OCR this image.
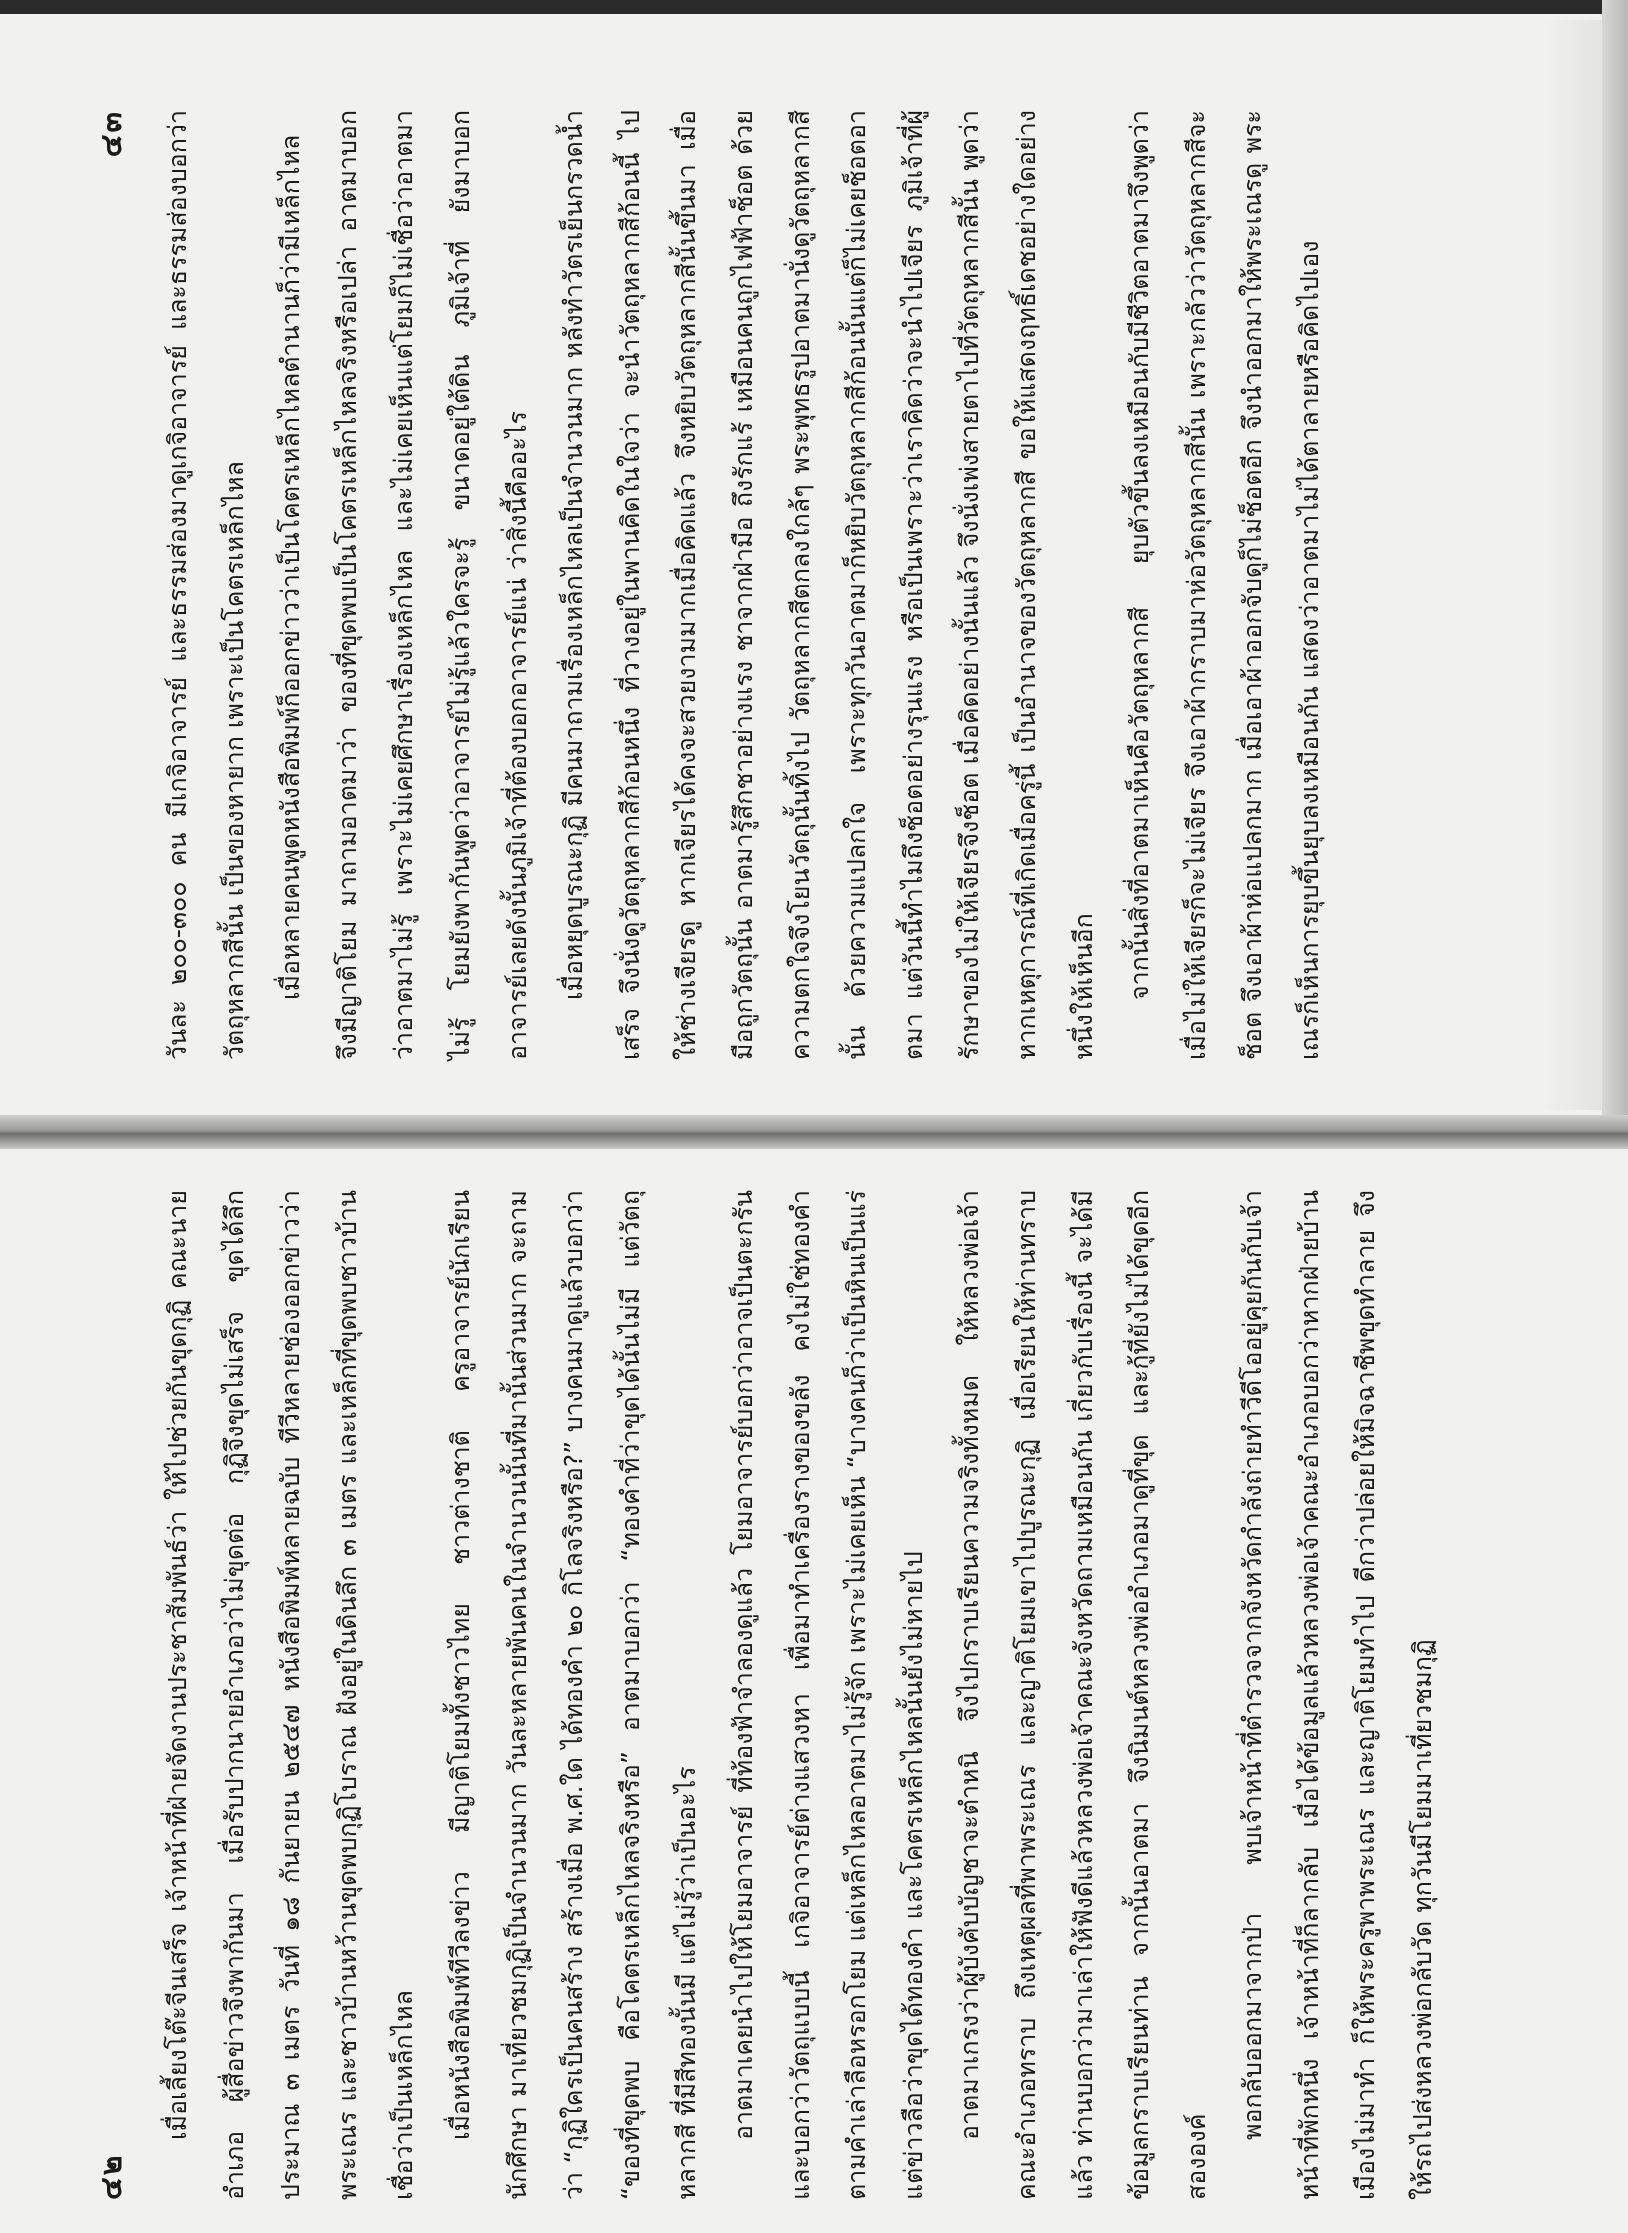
๔๓	วันละ ๒๐๐-๓๐๐ คน มีเกจิอาจารย์ และธรรมส่องมาดูเกจิอาจารย์ และธรรมส่องบอกว่าวัตถุหลากสีนั้น เป็นของหายาก เพราะเป็นโคตรเหล็กไหล	เมื่อหลายคนพูดหนังสือพิมพ์ก็ออกข่าวว่าเป็นโคตรเหล็กไหลตำนานก็ว่ามีเหล็กไหล จึงมีญาติโยม มาถามอาตมาว่า ของที่ขุดพบเป็นโคตรเหล็กไหลจริงหรือเปล่า อาตมาบอกว่าอาตมาไม่รู้ เพราะไม่เคยศึกษาเรื่องเหล็กไหล และไม่เคยเห็นแต่โยมก็ไม่เชื่อว่าอาตมาไม่รู้ โยมยังพากันพูดว่าอาจารย์ไม่รู้แล้วใครจะรู้ ขนาดอยู่ใต้ดิน ภูมิเจ้าที่ ยังมาบอกอาจารย์เลยดังนั้นภูมิเจ้าที่ต้องบอกอาจารย์แน่ ว่าสิ่งนี้คืออะไร	เมื่อหยุดบูรณะกุฏิ มีคนมาถามเรื่องเหล็กไหลเป็นจำนวนมาก หลังทำวัตรเย็นกรวดน้ำเสร็จ จึงนั่งดูวัตถุหลากสีก้อนหนึ่ง ที่วางอยู่ในพานคิดในใจว่า จะนำวัตถุหลากสีก้อนนี้ ไปให้ช่างเจียรดู หากเจียรได้คงจะสวยงามมากเมื่อคิดแล้ว จึงหยิบวัตถุหลากสีนั้นขึ้นมา เมื่อมือถูกวัตถุนั้น อาตมารู้สึกชาอย่างแรง ชาจากฝ่ามือ ถึงรักแร้ เหมือนคนถูกไฟฟ้าช็อต ด้วยความตกใจจึงโยนวัตถุนั้นทิ้งไป วัตถุหลากสีตกลงใกล้ๆ พระพุทธรูปอาตมานั่งดูวัตถุหลากสีนั้น ด้วยความแปลกใจ เพราะทุกวันอาตมาก็หยิบวัตถุหลากสีก้อนนั้นแต่ก็ไม่เคยช็อตอาตมา แต่วันนี้ทำไมถึงช็อตอย่างรุนแรง หรือเป็นเพราะว่าเราคิดว่าจะนำไปเจียร ภูมิเจ้าที่ผู้รักษาของไม่ให้เจียรจึงช็อต เมื่อคิดอย่างนั้นแล้ว จึงนั่งเพ่งสายตาไปที่วัตถุหลากสีนั้น พูดว่าหากเหตุการณ์ที่เกิดเมื่อครู่นี้ เป็นอำนาจของวัตถุหลากสี ขอให้แสดงฤทธิ์เดชอย่างใดอย่างหนึ่งให้เห็นอีก	จากนั้นสิ่งที่อาตมาเห็นคือวัตถุหลากสี ยุบตัวขึ้นลงเหมือนกับมีชีวิตอาตมาจึงพูดว่าเมื่อไม่ให้เจียรก็จะไม่เจียร จึงเอาผ้ากราบมาห่อวัตถุหลากสีนั้น เพราะกลัวว่าวัตถุหลากสีจะช็อต จึงเอาผ้าห่อแปลกมาก เมื่อเอาผ้าออกจับดูก็ไม่ช็อตอีก จึงนำออกมาให้พระเณรดู พระเณรก็เห็นการยุบขึ้นยุบลงเหมือนกัน แสดงว่าอาตมาไม่ได้ตาลายหรือคิดไปเอง

๔๒

เมื่อเลี้ยงโต๊ะจีนเสร็จ เจ้าหน้าที่ฝ่ายจัดงานประชาสัมพันธ์ว่า ให้ไปช่วยกันขุดกุฏิ คณะนายอำเภอ ผู้สื่อข่าวจึงพากันมา เมื่อรับปากนายอำเภอว่าไม่ขุดต่อ กุฏิจึงขุดไม่เสร็จ ขุดได้ลึกประมาณ ๓ เมตร วันที่ ๑๘ กันยายน ๒๕๔๗ หนังสือพิมพ์หลายฉบับ ทีวีหลายช่องออกข่าวว่าพระเณร และชาวบ้านหว้านขุดพบกุฏิโบราณ ฝังอยู่ในดินลึก ๓ เมตร และเหล็กที่ขุดพบชาวบ้าน เชื่อว่าเป็นเหล็กไหล	เมื่อหนังสือพิมพ์ทีวีลงข่าว มีญาติโยมทั้งชาวไทย ชาวต่างชาติ ครูอาจารย์นักเรียนนักศึกษา มาเที่ยวชมกุฏิเป็นจำนวนมาก วันละหลายพันคนในจำนวนนั้นที่มานั้นส่วนมาก จะถามว่า “กุฏิใครเป็นคนสร้าง สร้างเมื่อ พ.ศ.ใด ได้ทองคำ ๒๐ กิโลจริงหรือ?” บางคนมาดูแล้วบอกว่า “ของที่ขุดพบ คือโคตรเหล็กไหลจริงหรือ” อาตมาบอกว่า “ทองคำที่ว่าขุดได้นั้นไม่มี แต่วัตถุหลากสี ที่มีสีทองนั้นมี แต่ไม่รู้ว่าเป็นอะไร	อาตมาเคยนำไปให้โยมอาจารย์ ที่ท้องฟ้าจำลองดูแล้ว โยมอาจารย์บอกว่าอาจเป็นตะกรัน และบอกว่าวัตถุแบบนี้ เกจิอาจารย์ต่างแสวงหา เพื่อมาทำเครื่องรางของขลัง คงไม่ใช่ทองคำตามคำเล่าลือหรอกโยม แต่เหล็กไหลอาตมาไม่รู้จัก เพราะไม่เคยเห็น “บางคนก็ว่าเป็นหินเป็นแร่ แต่ข่าวลือว่าขุดได้ทองคำ และโคตรเหล็กไหลนั้นยังไม่หายไป	อาตมาเกรงว่าผู้บังคับบัญชาจะตำหนิ จึงไปกราบเรียนความจริงทั้งหมด ให้หลวงพ่อเจ้าคณะอำเภอทราบ ถึงเหตุผลที่พาพระเณร และญาติโยมเขาไปบูรณะกุฏิ เมื่อเรียนให้ท่านทราบแล้ว ท่านบอกว่ามาเล่าให้ฟังดีแล้วหลวงพ่อเจ้าคณะจังหวัดถามเหมือนกัน เกี่ยวกับเรื่องนี้ จะได้มีข้อมูลกราบเรียนท่าน จากนั้นอาตมา จึงนิมนต์หลวงพ่ออำเภอมาดูที่ขุด และกู้ที่ยังไม่ได้ขุดอีกสององค์

พอกลับออกมาจากป่า พบเจ้าหน้าที่ตำรวจจากจังหวัดกำลังถ่ายทำวีดีโออยู่คุยกันกับเจ้าหน้าที่พักหนึ่ง เจ้าหน้าที่ก็ลากลับ เมื่อได้ข้อมูลแล้วหลวงพ่อเจ้าคณะอำเภอบอกว่าหากฝ่ายบ้านเมืองไม่มาทำ ก็ให้พระครูพาพระเณร และญาติโยมทำไป ดีกว่าปล่อยให้มิจฉาชีพขุดทำลาย จึงให้รถไปส่งหลวงพ่อกลับวัด ทุกวันมีโยมมาเที่ยวชมกุฏิ
